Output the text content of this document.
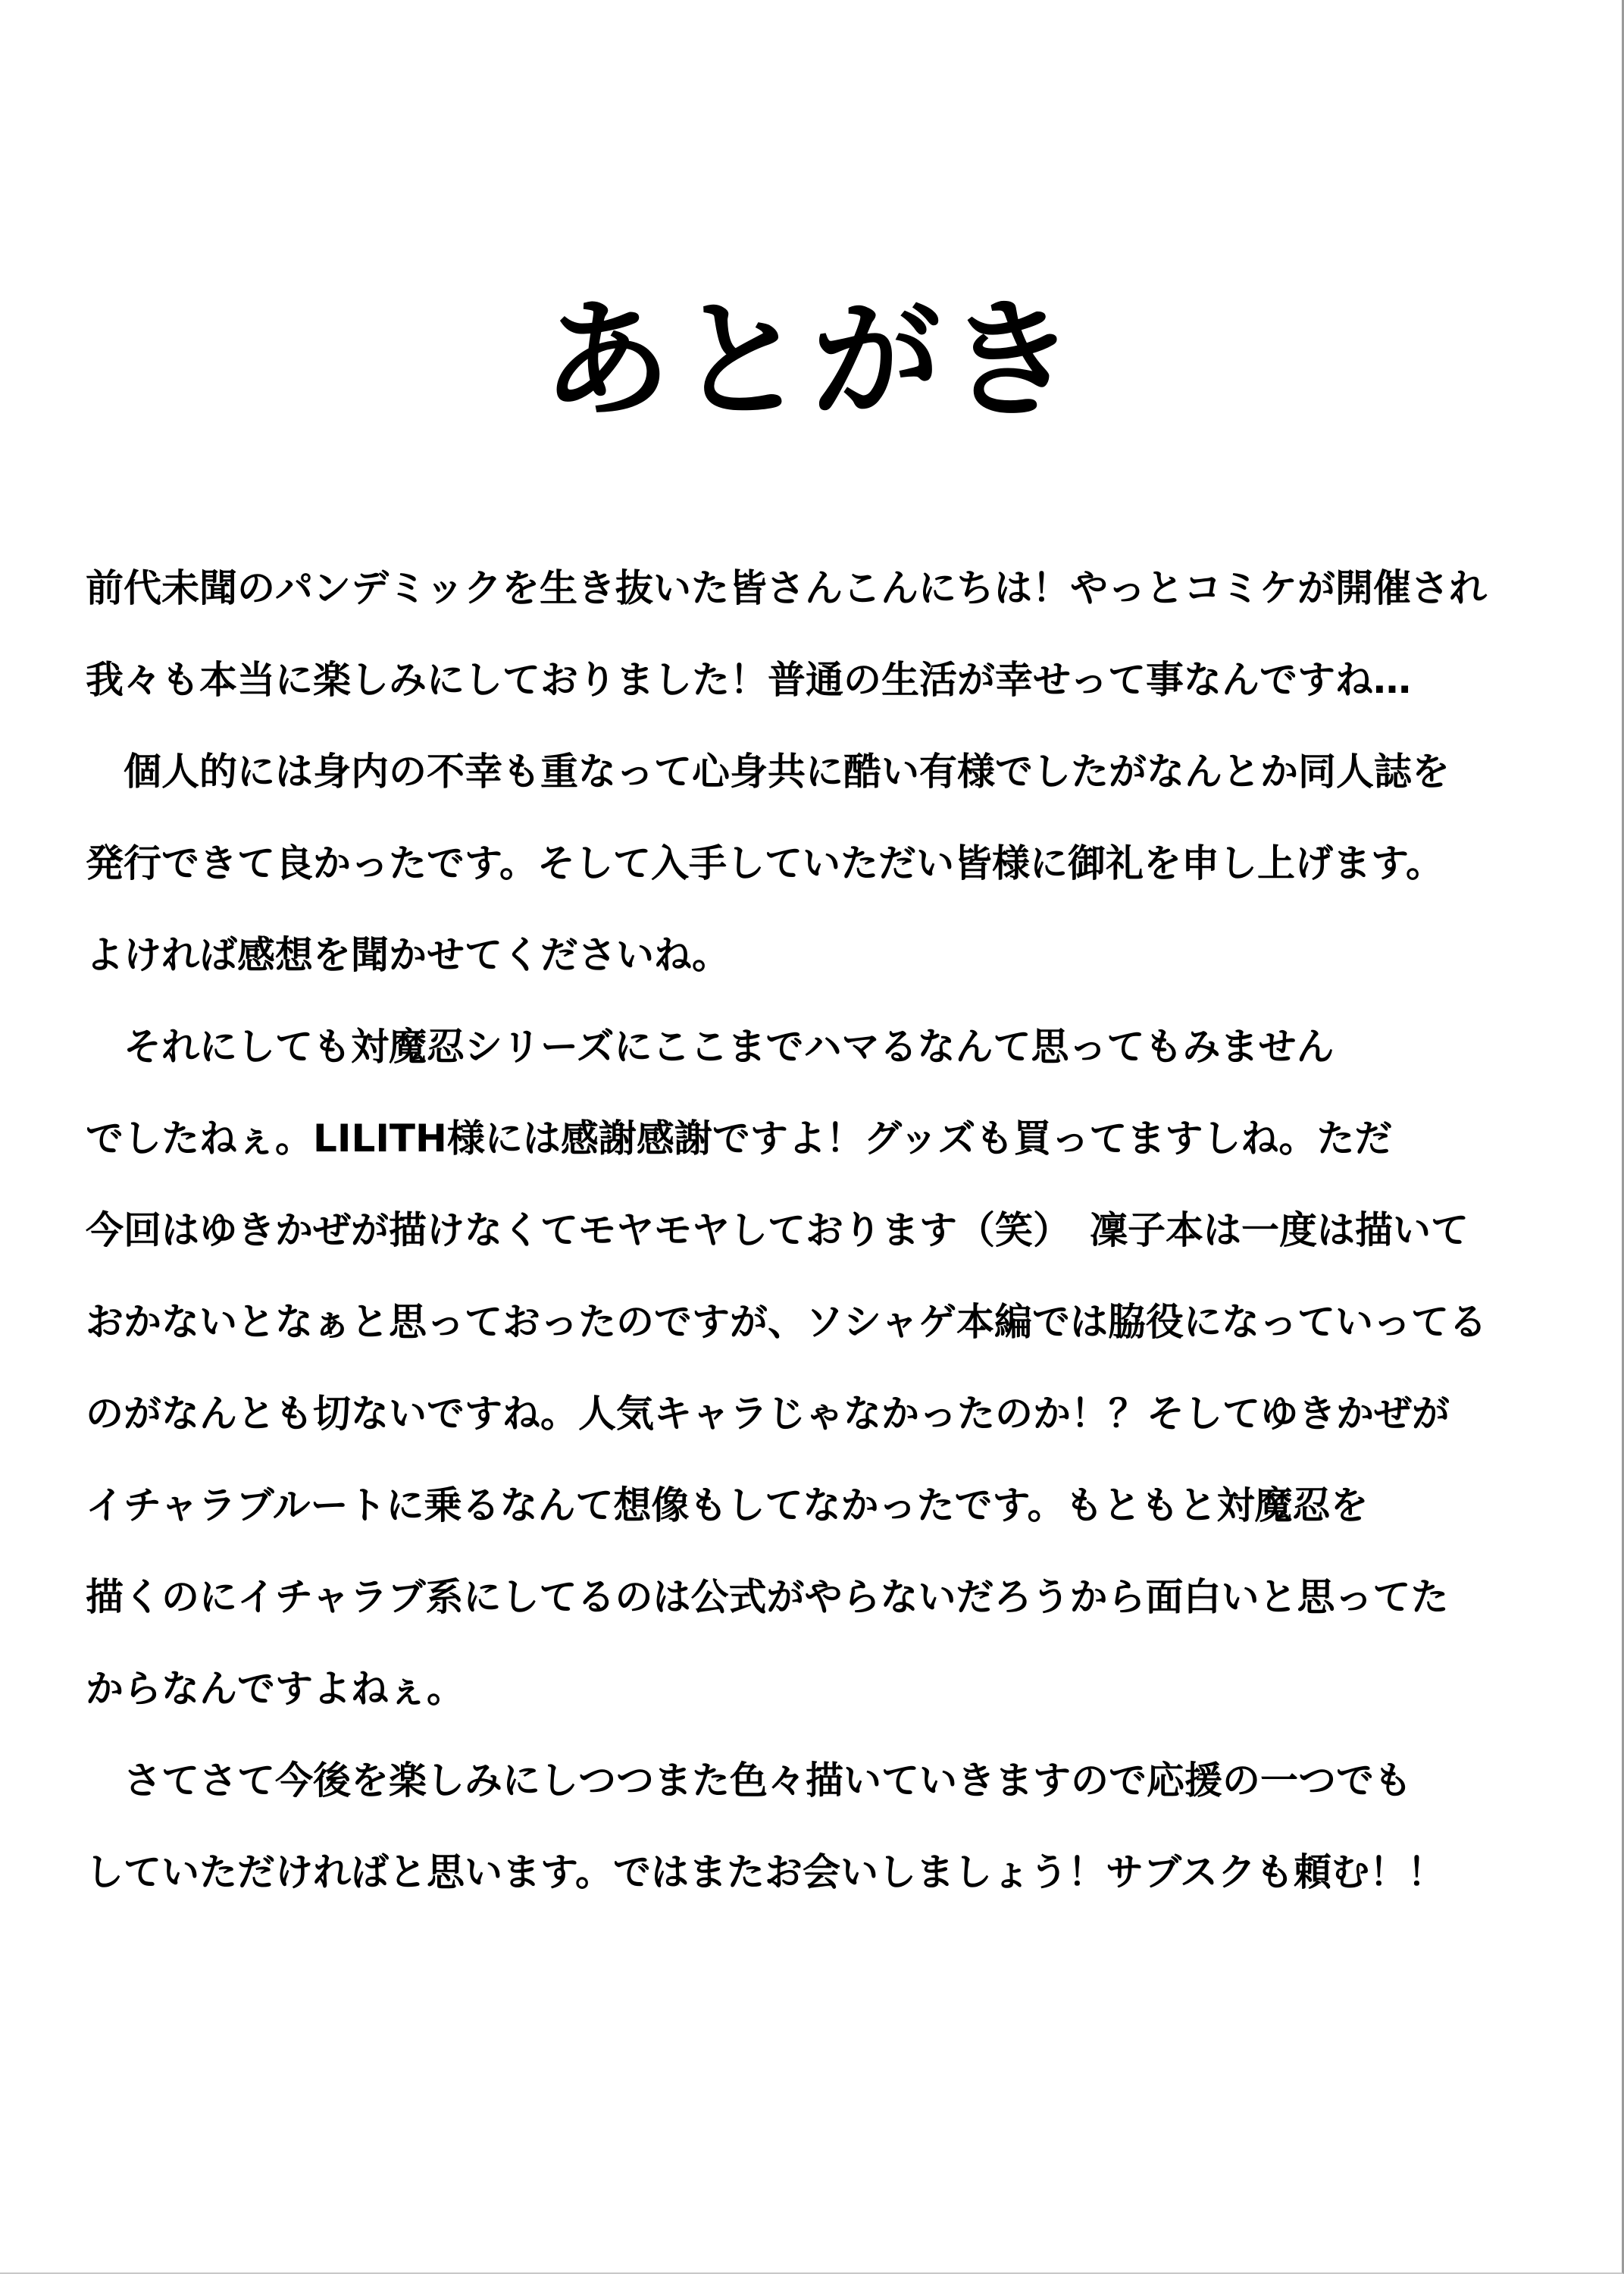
あとがき
前代未聞のパンデミックを生き抜いた皆さんこんにちは！やっとコミケが開催され
我々も本当に楽しみにしておりました！普通の生活が幸せって事なんですね…
　個人的には身内の不幸も重なって心身共に酷い有様でしたがなんとか同人誌を
発行できて良かったです。そして入手していただい皆様に御礼を申し上げます。
よければ感想を聞かせてくださいね。
　それにしても対魔忍シリーズにここまでハマるなんて思ってもみません
でしたねぇ。LILITH様には感謝感謝ですよ！グッズも買ってますしね。ただ
今回はゆきかぜが描けなくてモヤモヤしております（笑）　凜子本は一度は描いて
おかないとなぁと思っておったのですが、ソシャゲ本編では脇役になっていってる
のがなんとも切ないですね。人気キャラじゃなかったのか！？そしてゆきかぜが
イチャラブルートに乗るなんて想像もしてなかったです。もともと対魔忍を
描くのにイチャラブ系にしてるのは公式がやらないだろうから面白いと思ってた
からなんですよねぇ。
　さてさて今後を楽しみにしつつまた色々描いていきますので応援の一つでも
していただければと思います。ではまたお会いしましょう！サブスクも頼む！！
